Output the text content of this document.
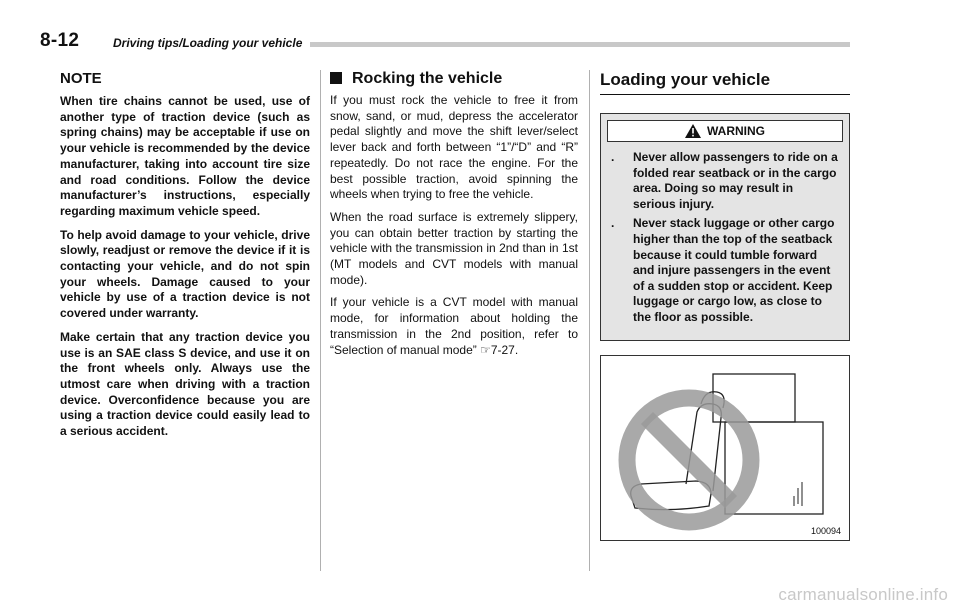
8-12	Driving tips/Loading your vehicle
NOTE

When tire chains cannot be used, use of another type of traction device (such as spring chains) may be acceptable if use on your vehicle is recommended by the device manufacturer, taking into account tire size and road conditions. Follow the device manufacturer’s instructions, especially regarding maximum vehicle speed.

To help avoid damage to your vehicle, drive slowly, readjust or remove the device if it is contacting your vehicle, and do not spin your wheels. Damage caused to your vehicle by use of a traction device is not covered under warranty.

Make certain that any traction device you use is an SAE class S device, and use it on the front wheels only. Always use the utmost care when driving with a traction device. Overconfidence because you are using a traction device could easily lead to a serious accident.

Rocking the vehicle

If you must rock the vehicle to free it from snow, sand, or mud, depress the accelerator pedal slightly and move the shift lever/select lever back and forth between “1”/“D” and “R” repeatedly. Do not race the engine. For the best possible traction, avoid spinning the wheels when trying to free the vehicle.

When the road surface is extremely slippery, you can obtain better traction by starting the vehicle with the transmission in 2nd than in 1st (MT models and CVT models with manual mode).

If your vehicle is a CVT model with manual mode, for information about holding the transmission in the 2nd position, refer to “Selection of manual mode” ☞7-27.

Loading your vehicle
WARNING
.	Never allow passengers to ride on a folded rear seatback or in the cargo area. Doing so may result in serious injury.
.	Never stack luggage or other cargo higher than the top of the seatback because it could tumble forward and injure passengers in the event of a sudden stop or accident. Keep luggage or cargo low, as close to the floor as possible.
100094
carmanualsonline.info
